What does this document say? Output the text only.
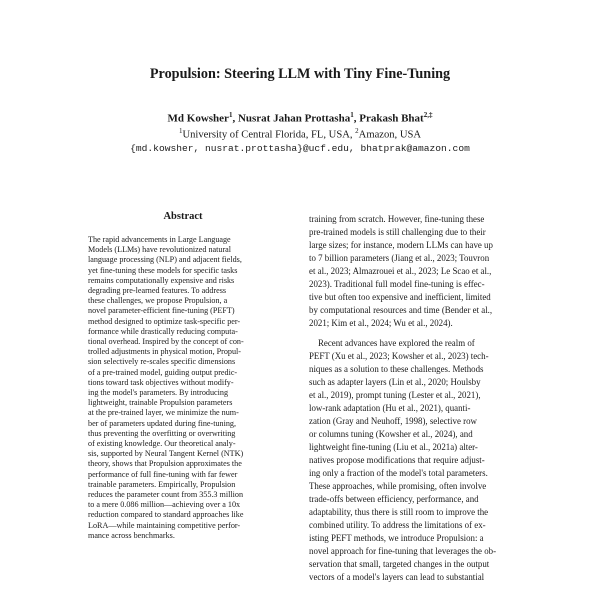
Propulsion: Steering LLM with Tiny Fine-Tuning
Md Kowsher$^1$, Nusrat Jahan Prottasha$^1$, Prakash Bhat$^{2,\ddagger}$
$^1$University of Central Florida, FL, USA, $^2$Amazon, USA
{md.kowsher, nusrat.prottasha}@ucf.edu, bhatprak@amazon.com
Abstract

The rapid advancements in Large Language

Models (LLMs) have revolutionized natural

language processing (NLP) and adjacent fields,

yet fine-tuning these models for specific tasks

remains computationally expensive and risks

degrading pre-learned features. To address

these challenges, we propose Propulsion, a

novel parameter-efficient fine-tuning (PEFT)

method designed to optimize task-specific per-

formance while drastically reducing computa-

tional overhead. Inspired by the concept of con-

trolled adjustments in physical motion, Propul-

sion selectively re-scales specific dimensions

of a pre-trained model, guiding output predic-

tions toward task objectives without modify-

ing the model's parameters. By introducing

lightweight, trainable Propulsion parameters

at the pre-trained layer, we minimize the num-

ber of parameters updated during fine-tuning,

thus preventing the overfitting or overwriting

of existing knowledge. Our theoretical analy-

sis, supported by Neural Tangent Kernel (NTK)

theory, shows that Propulsion approximates the

performance of full fine-tuning with far fewer

trainable parameters. Empirically, Propulsion

reduces the parameter count from 355.3 million

to a mere 0.086 million—achieving over a 10x

reduction compared to standard approaches like

LoRA—while maintaining competitive perfor-

mance across benchmarks.

training from scratch. However, fine-tuning these

pre-trained models is still challenging due to their

large sizes; for instance, modern LLMs can have up

to 7 billion parameters (Jiang et al., 2023; Touvron

et al., 2023; Almazrouei et al., 2023; Le Scao et al.,

2023). Traditional full model fine-tuning is effec-

tive but often too expensive and inefficient, limited

by computational resources and time (Bender et al.,

2021; Kim et al., 2024; Wu et al., 2024).

Recent advances have explored the realm of

PEFT (Xu et al., 2023; Kowsher et al., 2023) tech-

niques as a solution to these challenges. Methods

such as adapter layers (Lin et al., 2020; Houlsby

et al., 2019), prompt tuning (Lester et al., 2021),

low-rank adaptation (Hu et al., 2021), quanti-

zation (Gray and Neuhoff, 1998), selective row

or columns tuning (Kowsher et al., 2024), and

lightweight fine-tuning (Liu et al., 2021a) alter-

natives propose modifications that require adjust-

ing only a fraction of the model's total parameters.

These approaches, while promising, often involve

trade-offs between efficiency, performance, and

adaptability, thus there is still room to improve the

combined utility. To address the limitations of ex-

isting PEFT methods, we introduce Propulsion: a

novel approach for fine-tuning that leverages the ob-

servation that small, targeted changes in the output

vectors of a model's layers can lead to substantial
